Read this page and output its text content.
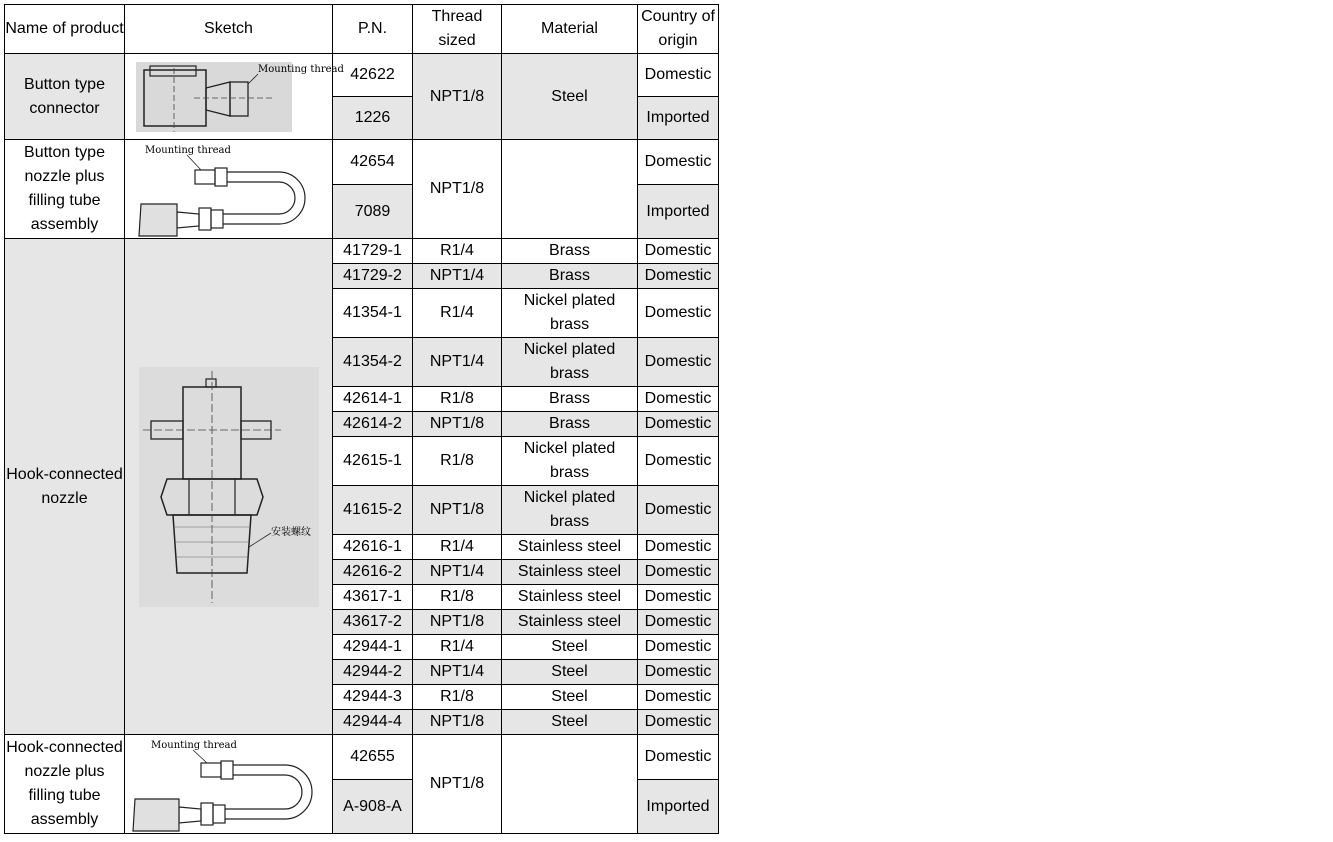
Name of product	Sketch	P.N.	Thread sized	Material	Country of origin
Button type connector	Mounting thread	42622	NPT1/8	Steel	Domestic
		1226			Imported
Button type nozzle plus filling tube assembly	Mounting thread	42654	NPT1/8		Domestic
		7089			Imported
Hook-connected nozzle	安装螺纹	41729-1	R1/4	Brass	Domestic
		41729-2	NPT1/4	Brass	Domestic
		41354-1	R1/4	Nickel plated brass	Domestic
		41354-2	NPT1/4	Nickel plated brass	Domestic
		42614-1	R1/8	Brass	Domestic
		42614-2	NPT1/8	Brass	Domestic
		42615-1	R1/8	Nickel plated brass	Domestic
		41615-2	NPT1/8	Nickel plated brass	Domestic
		42616-1	R1/4	Stainless steel	Domestic
		42616-2	NPT1/4	Stainless steel	Domestic
		43617-1	R1/8	Stainless steel	Domestic
		43617-2	NPT1/8	Stainless steel	Domestic
		42944-1	R1/4	Steel	Domestic
		42944-2	NPT1/4	Steel	Domestic
		42944-3	R1/8	Steel	Domestic
		42944-4	NPT1/8	Steel	Domestic
Hook-connected nozzle plus filling tube assembly	Mounting thread	42655	NPT1/8		Domestic
		A-908-A			Imported
